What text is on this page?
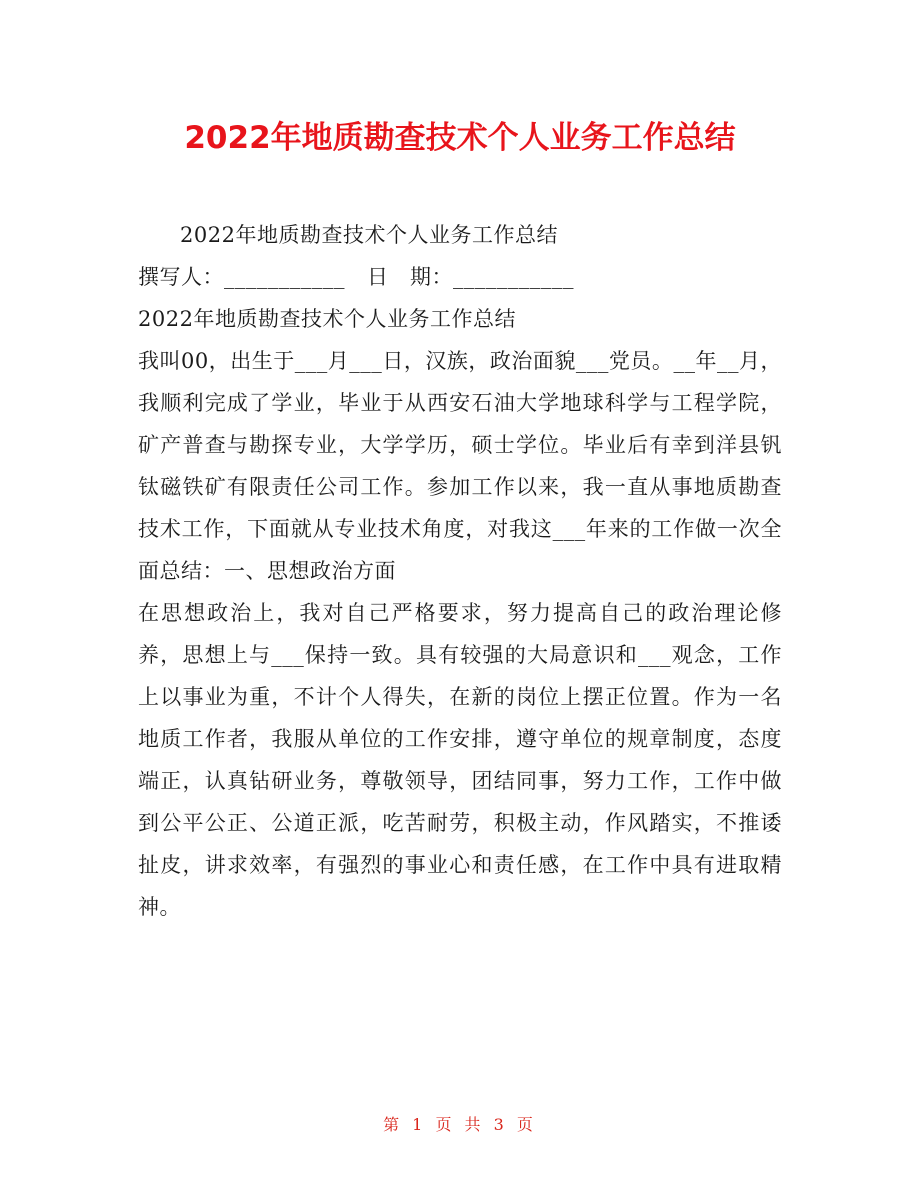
2022年地质勘查技术个人业务工作总结
2022年地质勘查技术个人业务工作总结
撰写人：___________ 日　期：___________
2022年地质勘查技术个人业务工作总结
我叫00，出生于___月___日，汉族，政治面貌___党员。__年__月，我顺利完成了学业，毕业于从西安石油大学地球科学与工程学院，矿产普查与勘探专业，大学学历，硕士学位。毕业后有幸到洋县钒钛磁铁矿有限责任公司工作。参加工作以来，我一直从事地质勘查技术工作，下面就从专业技术角度，对我这___年来的工作做一次全面总结：一、思想政治方面
在思想政治上，我对自己严格要求，努力提高自己的政治理论修养，思想上与___保持一致。具有较强的大局意识和___观念，工作上以事业为重，不计个人得失，在新的岗位上摆正位置。作为一名地质工作者，我服从单位的工作安排，遵守单位的规章制度，态度端正，认真钻研业务，尊敬领导，团结同事，努力工作，工作中做到公平公正、公道正派，吃苦耐劳，积极主动，作风踏实，不推诿扯皮，讲求效率，有强烈的事业心和责任感，在工作中具有进取精神。
第 1 页 共 3 页
